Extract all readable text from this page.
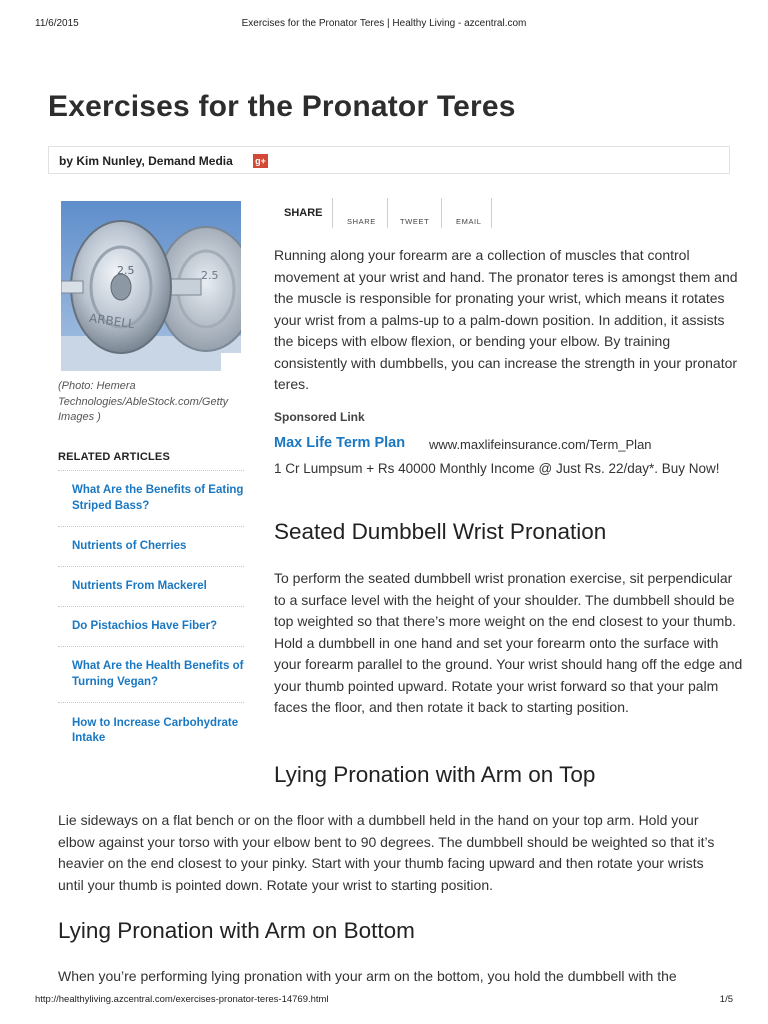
11/6/2015	Exercises for the Pronator Teres | Healthy Living - azcentral.com
Exercises for the Pronator Teres
by Kim Nunley, Demand Media g+
2.5
2.5
ARBELL
(Photo: Hemera Technologies/AbleStock.com/Getty Images )
RELATED ARTICLES
What Are the Benefits of Eating Striped Bass?
Nutrients of Cherries
Nutrients From Mackerel
Do Pistachios Have Fiber?
What Are the Health Benefits of Turning Vegan?
How to Increase Carbohydrate Intake
SHARE
SHARE	TWEET	EMAIL

Running along your forearm are a collection of muscles that control movement at your wrist and hand. The pronator teres is amongst them and the muscle is responsible for pronating your wrist, which means it rotates your wrist from a palms-up to a palm-down position. In addition, it assists the biceps with elbow flexion, or bending your elbow. By training consistently with dumbbells, you can increase the strength in your pronator teres.

Sponsored Link
Max Life Term Plan www.maxlifeinsurance.com/Term_Plan
1 Cr Lumpsum + Rs 40000 Monthly Income @ Just Rs. 22/day*. Buy Now!
Seated Dumbbell Wrist Pronation

To perform the seated dumbbell wrist pronation exercise, sit perpendicular to a surface level with the height of your shoulder. The dumbbell should be top weighted so that there’s more weight on the end closest to your thumb. Hold a dumbbell in one hand and set your forearm onto the surface with your forearm parallel to the ground. Your wrist should hang off the edge and your thumb pointed upward. Rotate your wrist forward so that your palm faces the floor, and then rotate it back to starting position.

Lying Pronation with Arm on Top

Lie sideways on a flat bench or on the floor with a dumbbell held in the hand on your top arm. Hold your elbow against your torso with your elbow bent to 90 degrees. The dumbbell should be weighted so that it’s heavier on the end closest to your pinky. Start with your thumb facing upward and then rotate your wrists until your thumb is pointed down. Rotate your wrist to starting position.

Lying Pronation with Arm on Bottom

When you’re performing lying pronation with your arm on the bottom, you hold the dumbbell with the

http://healthyliving.azcentral.com/exercises-pronator-teres-14769.html	1/5
